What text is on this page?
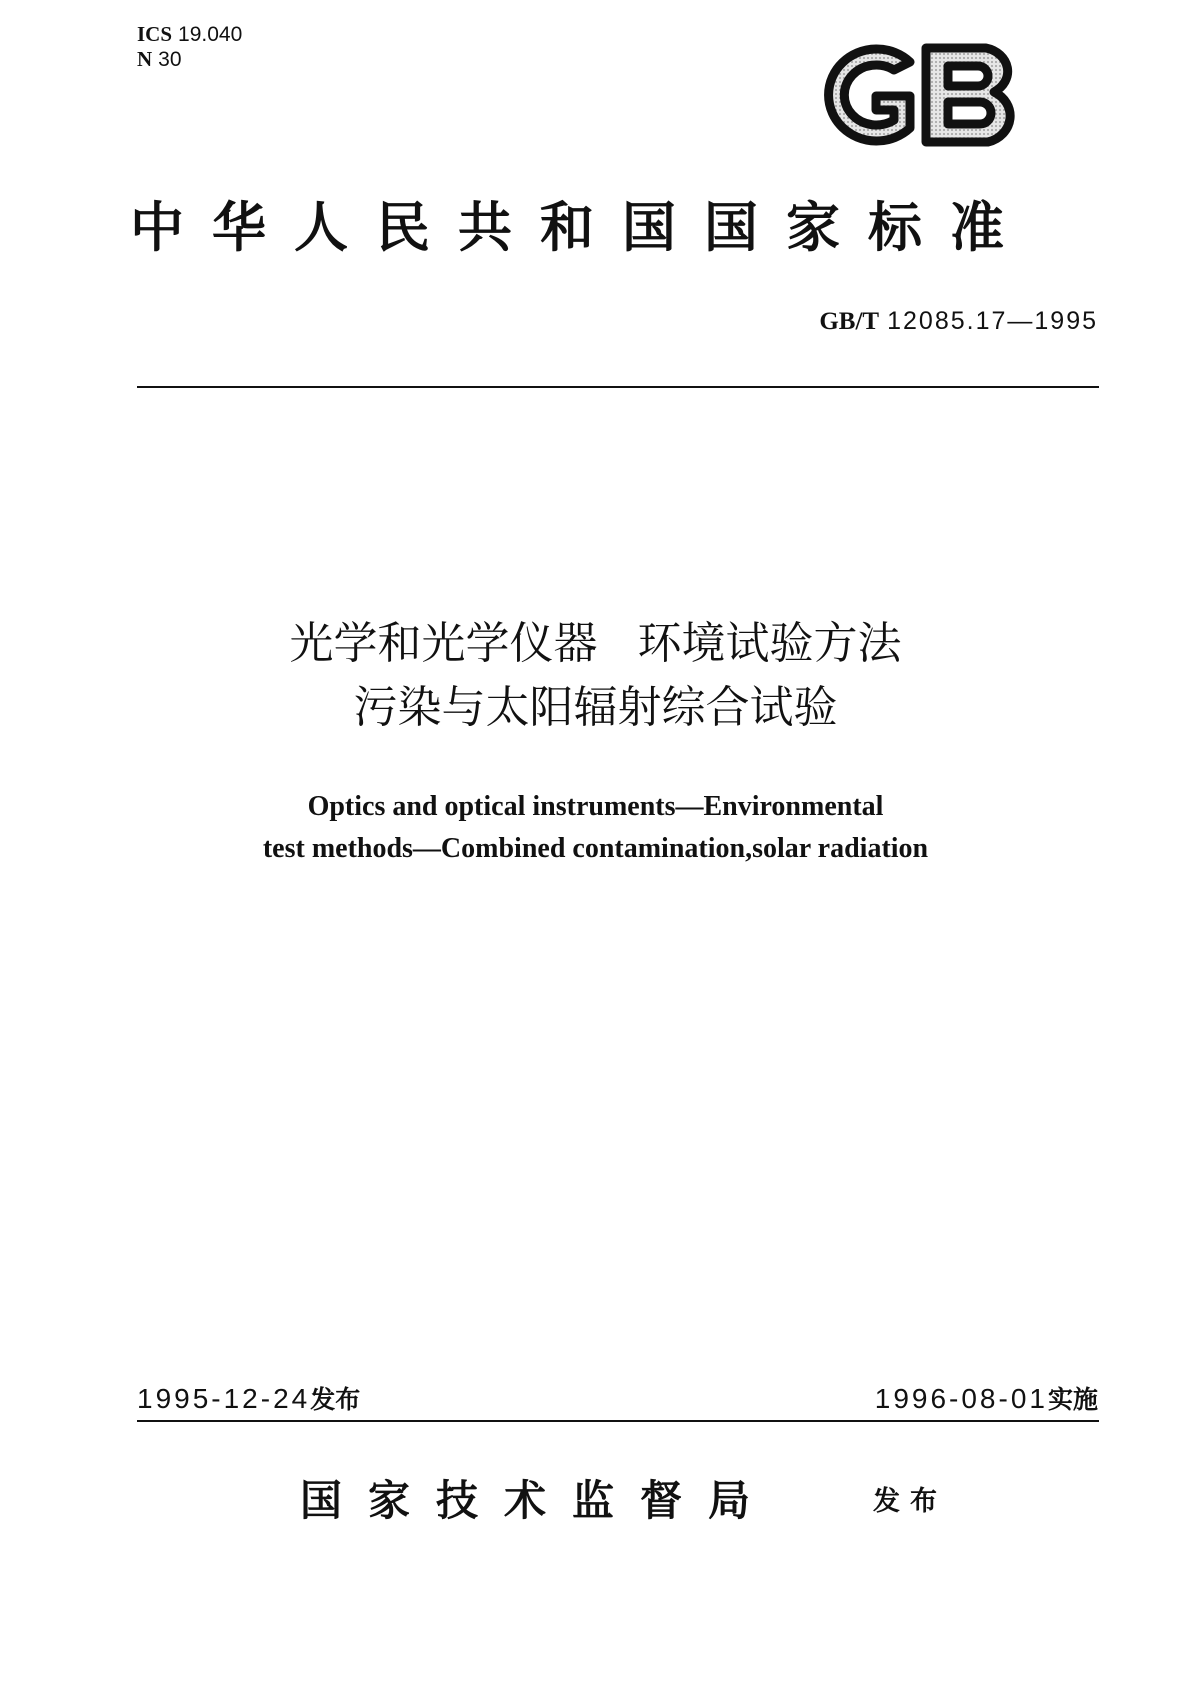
ICS 19.040
N 30
中华人民共和国国家标准
GB/T 12085.17—1995
光学和光学仪器 环境试验方法
污染与太阳辐射综合试验
Optics and optical instruments—Environmental
test methods—Combined contamination,solar radiation
1995-12-24发布	1996-08-01实施
国家技术监督局	发布
